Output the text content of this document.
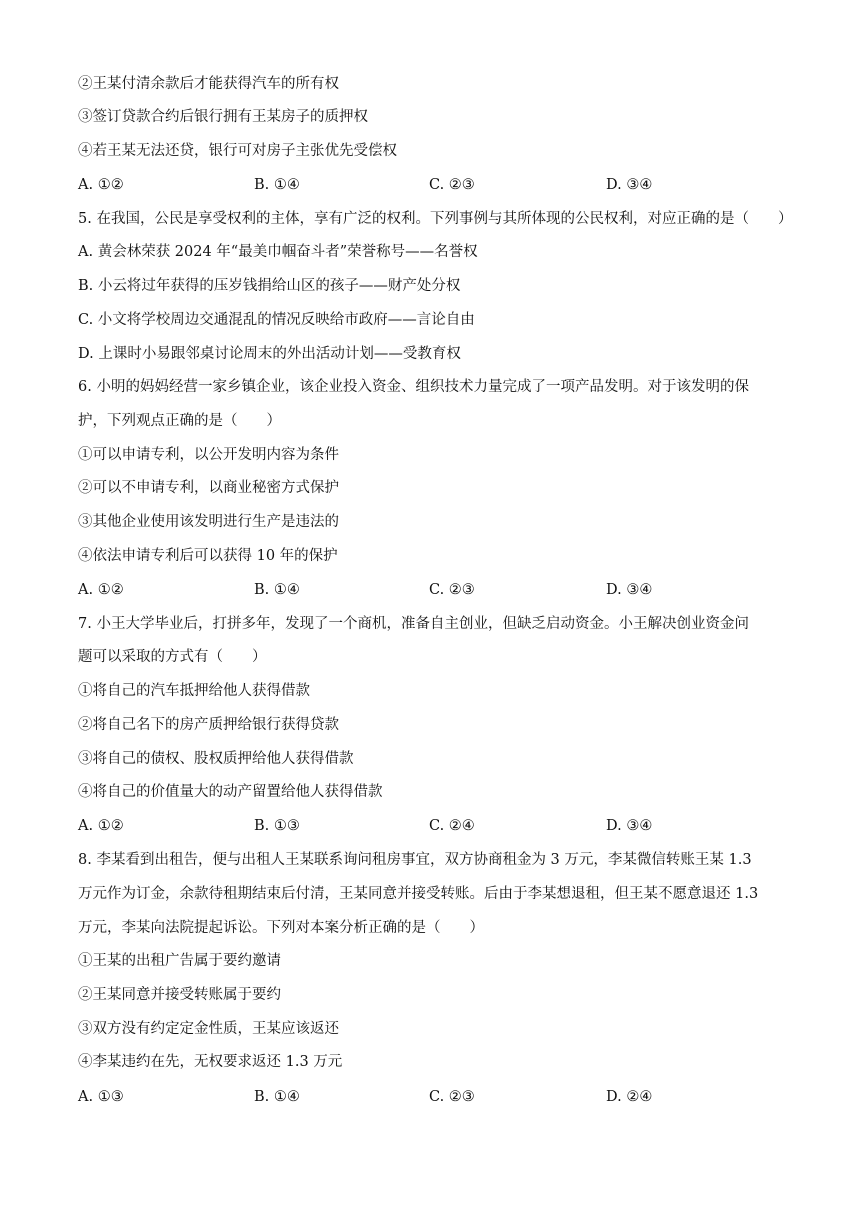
②王某付清余款后才能获得汽车的所有权
③签订贷款合约后银行拥有王某房子的质押权
④若王某无法还贷，银行可对房子主张优先受偿权
A. ①②	B. ①④	C. ②③	D. ③④
5. 在我国，公民是享受权利的主体，享有广泛的权利。下列事例与其所体现的公民权利，对应正确的是（　　）
A. 黄会林荣获 2024 年“最美巾帼奋斗者”荣誉称号——名誉权
B. 小云将过年获得的压岁钱捐给山区的孩子——财产处分权
C. 小文将学校周边交通混乱的情况反映给市政府——言论自由
D. 上课时小易跟邻桌讨论周末的外出活动计划——受教育权
6. 小明的妈妈经营一家乡镇企业，该企业投入资金、组织技术力量完成了一项产品发明。对于该发明的保
护，下列观点正确的是（　　）
①可以申请专利，以公开发明内容为条件
②可以不申请专利，以商业秘密方式保护
③其他企业使用该发明进行生产是违法的
④依法申请专利后可以获得 10 年的保护
A. ①②	B. ①④	C. ②③	D. ③④
7. 小王大学毕业后，打拼多年，发现了一个商机，准备自主创业，但缺乏启动资金。小王解决创业资金问
题可以采取的方式有（　　）
①将自己的汽车抵押给他人获得借款
②将自己名下的房产质押给银行获得贷款
③将自己的债权、股权质押给他人获得借款
④将自己的价值量大的动产留置给他人获得借款
A. ①②	B. ①③	C. ②④	D. ③④
8. 李某看到出租告，便与出租人王某联系询问租房事宜，双方协商租金为 3 万元，李某微信转账王某 1.3
万元作为订金，余款待租期结束后付清，王某同意并接受转账。后由于李某想退租，但王某不愿意退还 1.3
万元，李某向法院提起诉讼。下列对本案分析正确的是（　　）
①王某的出租广告属于要约邀请
②王某同意并接受转账属于要约
③双方没有约定定金性质，王某应该返还
④李某违约在先，无权要求返还 1.3 万元
A. ①③	B. ①④	C. ②③	D. ②④
